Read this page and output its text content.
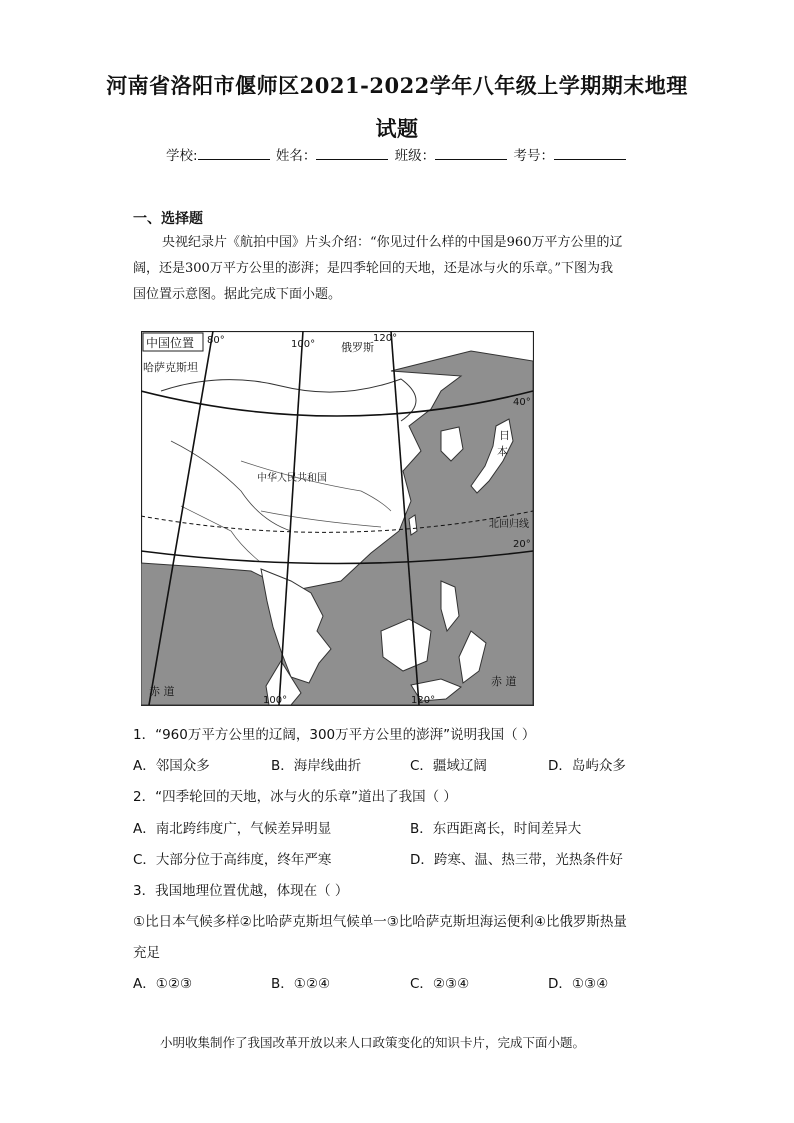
河南省洛阳市偃师区2021-2022学年八年级上学期期末地理
试题
学校:	姓名：	班级：	考号：
一、选择题
央视纪录片《航拍中国》片头介绍：“你见过什么样的中国是960万平方公里的辽
阔，还是300万平方公里的澎湃；是四季轮回的天地，还是冰与火的乐章。”下图为我
国位置示意图。据此完成下面小题。
中国位置
哈萨克斯坦
俄罗斯
中华人民共和国
日
本
北回归线
赤 道
赤 道
80°	100°
120°
100°	120°
40°
20°
1．“960万平方公里的辽阔，300万平方公里的澎湃”说明我国（ ）
A．邻国众多	B．海岸线曲折	C．疆域辽阔	D．岛屿众多
2．“四季轮回的天地，冰与火的乐章”道出了我国（ ）
A．南北跨纬度广，气候差异明显	B．东西距离长，时间差异大
C．大部分位于高纬度，终年严寒	D．跨寒、温、热三带，光热条件好
3．我国地理位置优越，体现在（ ）
①比日本气候多样②比哈萨克斯坦气候单一③比哈萨克斯坦海运便利④比俄罗斯热量
充足
A．①②③	B．①②④	C．②③④	D．①③④
小明收集制作了我国改革开放以来人口政策变化的知识卡片，完成下面小题。
